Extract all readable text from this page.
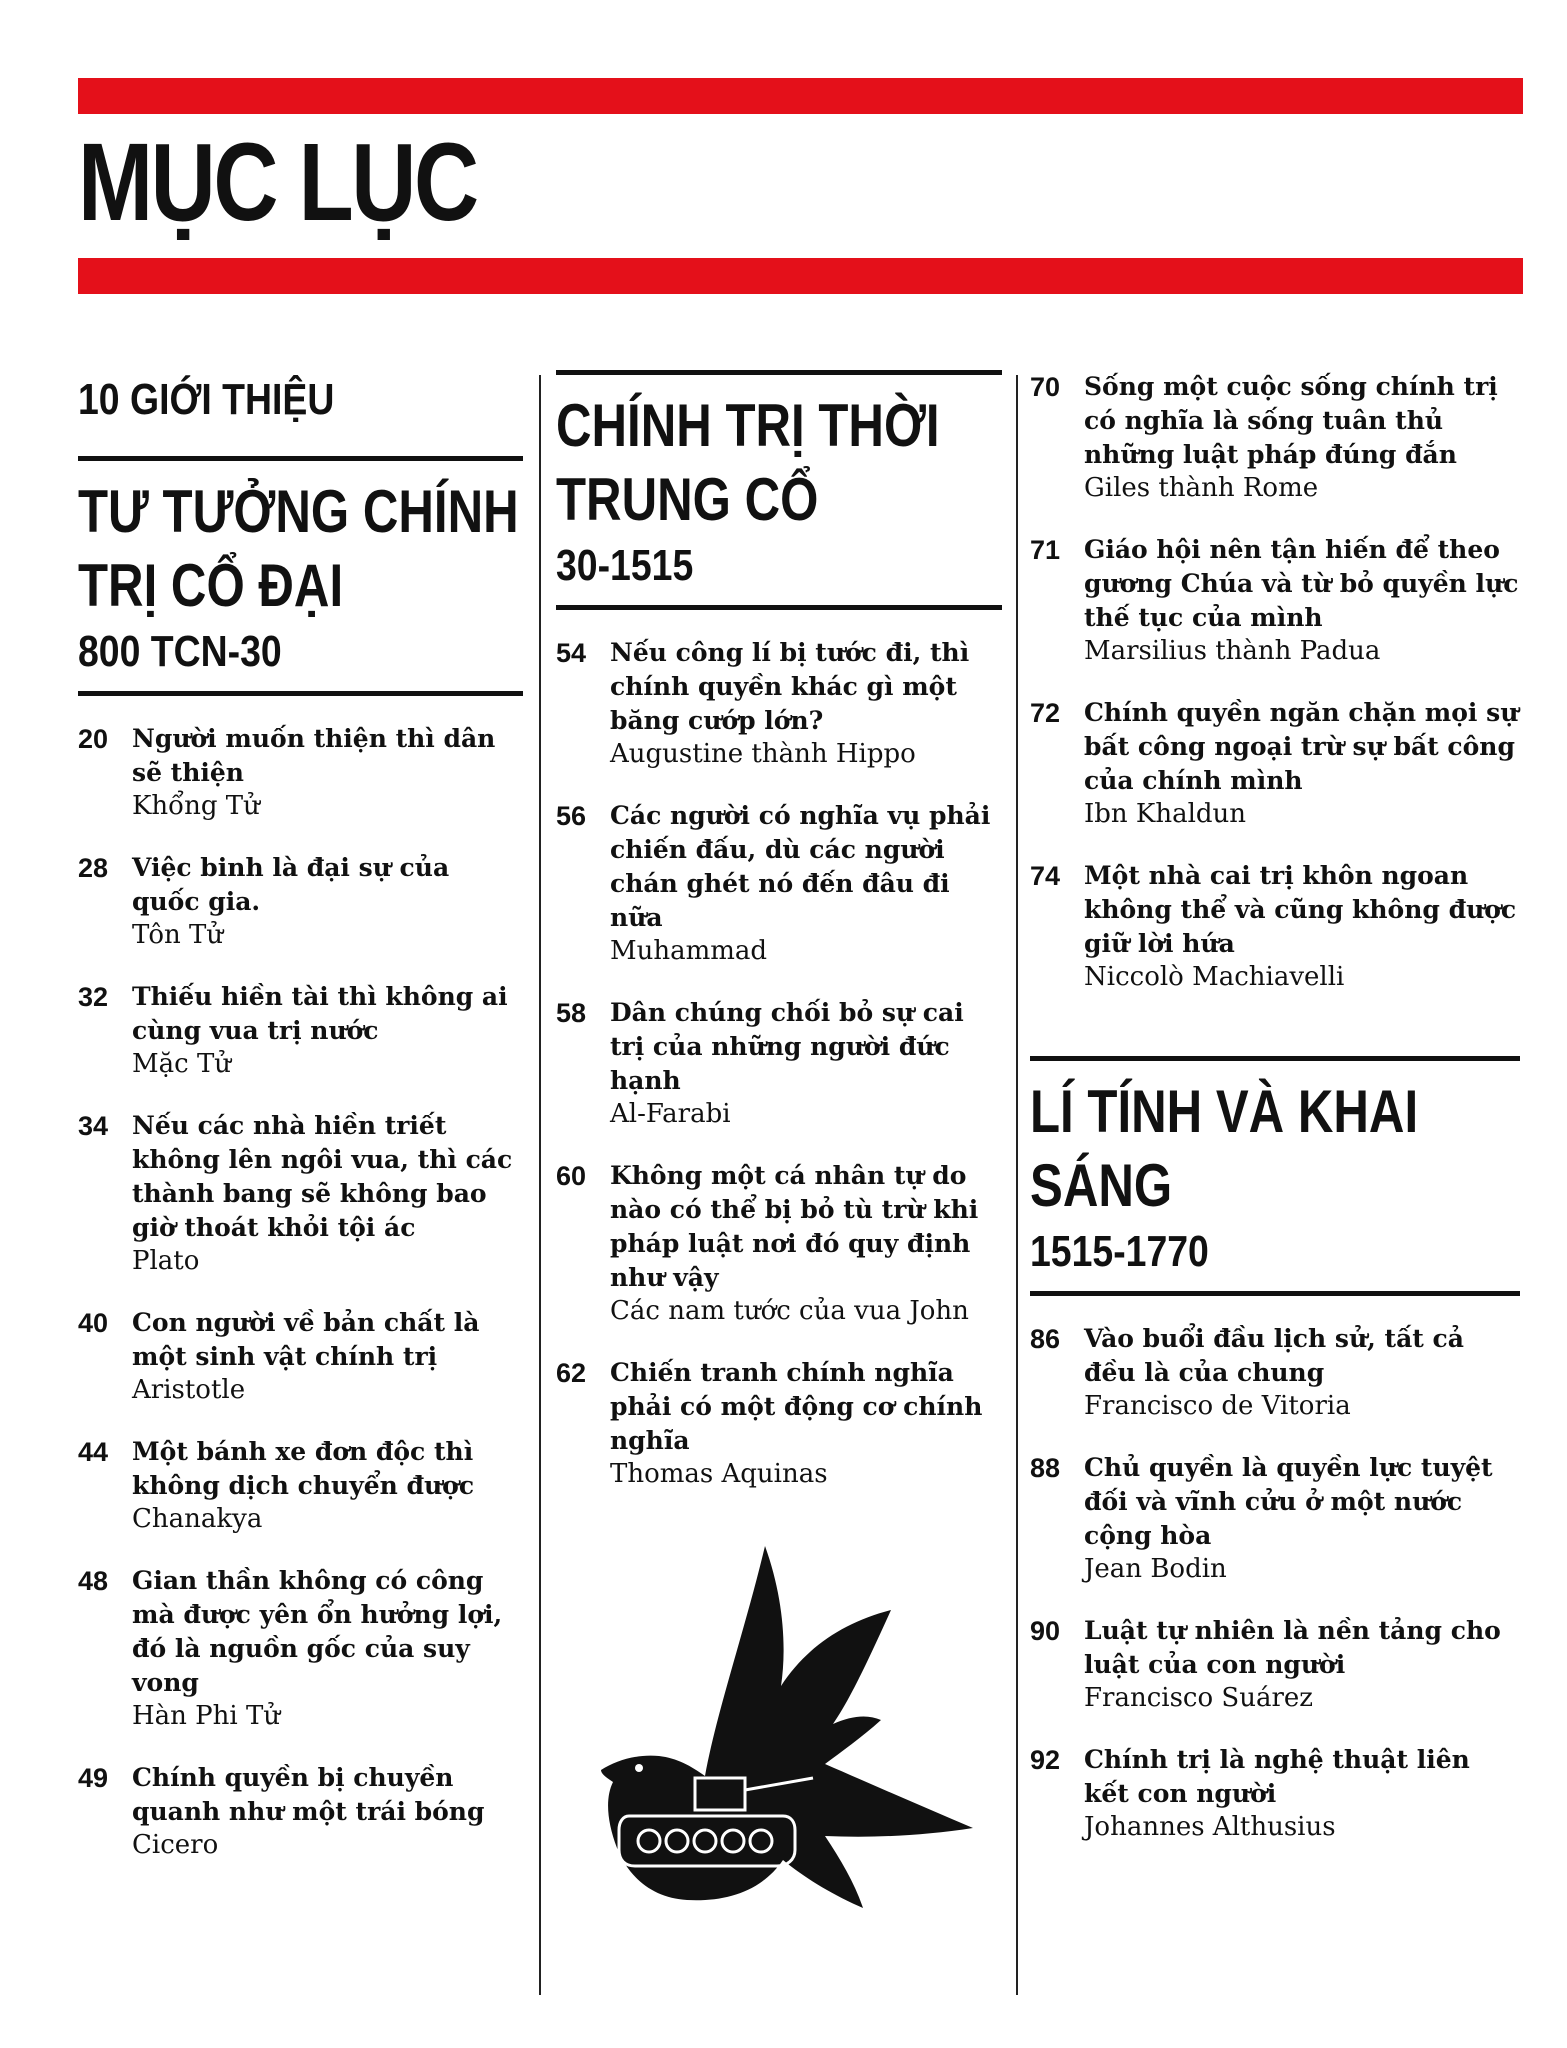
MỤC LỤC
10 GIỚI THIỆU
TƯ TƯỞNG CHÍNH TRỊ CỔ ĐẠI
800 TCN-30
20 Người muốn thiện thì dân sẽ thiện
Khổng Tử
28 Việc binh là đại sự của quốc gia.
Tôn Tử
32 Thiếu hiền tài thì không ai cùng vua trị nước
Mặc Tử
34 Nếu các nhà hiền triết không lên ngôi vua, thì các thành bang sẽ không bao giờ thoát khỏi tội ác
Plato
40 Con người về bản chất là một sinh vật chính trị
Aristotle
44 Một bánh xe đơn độc thì không dịch chuyển được
Chanakya
48 Gian thần không có công mà được yên ổn hưởng lợi, đó là nguồn gốc của suy vong
Hàn Phi Tử
49 Chính quyền bị chuyền quanh như một trái bóng
Cicero
CHÍNH TRỊ THỜI TRUNG CỔ
30-1515
54 Nếu công lí bị tước đi, thì chính quyền khác gì một băng cướp lớn?
Augustine thành Hippo
56 Các người có nghĩa vụ phải chiến đấu, dù các người chán ghét nó đến đâu đi nữa
Muhammad
58 Dân chúng chối bỏ sự cai trị của những người đức hạnh
Al-Farabi
60 Không một cá nhân tự do nào có thể bị bỏ tù trừ khi pháp luật nơi đó quy định như vậy
Các nam tước của vua John
62 Chiến tranh chính nghĩa phải có một động cơ chính nghĩa
Thomas Aquinas
70 Sống một cuộc sống chính trị có nghĩa là sống tuân thủ những luật pháp đúng đắn
Giles thành Rome
71 Giáo hội nên tận hiến để theo gương Chúa và từ bỏ quyền lực thế tục của mình
Marsilius thành Padua
72 Chính quyền ngăn chặn mọi sự bất công ngoại trừ sự bất công của chính mình
Ibn Khaldun
74 Một nhà cai trị khôn ngoan không thể và cũng không được giữ lời hứa
Niccolò Machiavelli
LÍ TÍNH VÀ KHAI SÁNG
1515-1770
86 Vào buổi đầu lịch sử, tất cả đều là của chung
Francisco de Vitoria
88 Chủ quyền là quyền lực tuyệt đối và vĩnh cửu ở một nước cộng hòa
Jean Bodin
90 Luật tự nhiên là nền tảng cho luật của con người
Francisco Suárez
92 Chính trị là nghệ thuật liên kết con người
Johannes Althusius
